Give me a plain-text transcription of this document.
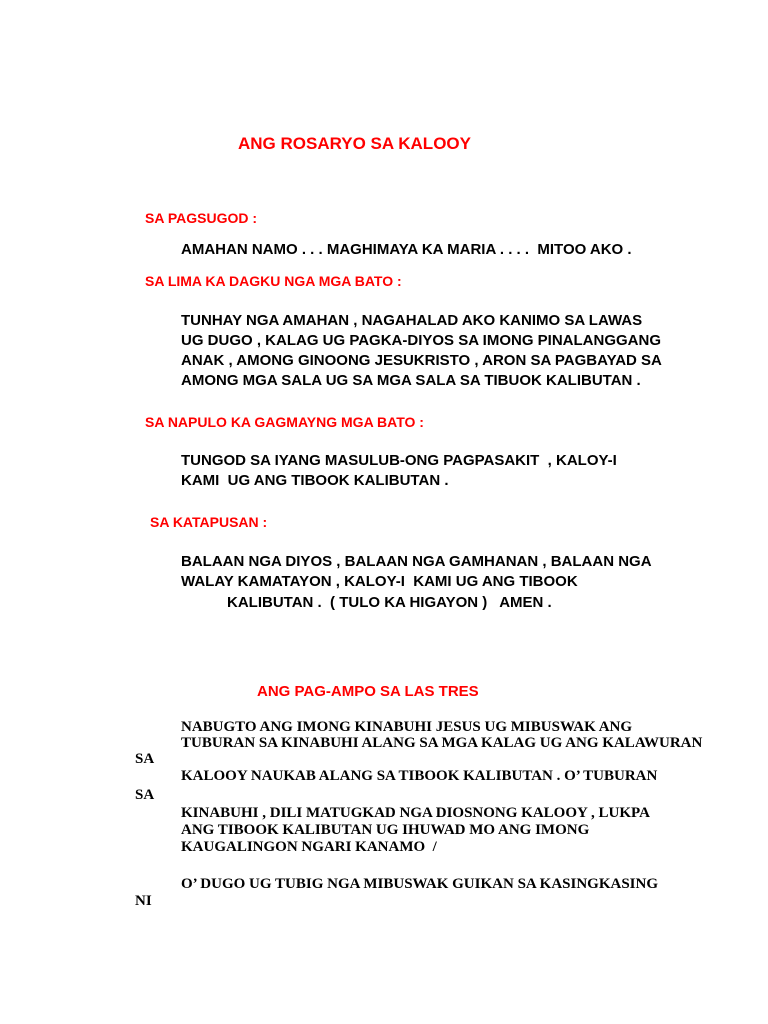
ANG ROSARYO SA KALOOY
SA PAGSUGOD :
AMAHAN NAMO . . . MAGHIMAYA KA MARIA . . . .  MITOO AKO .
SA LIMA KA DAGKU NGA MGA BATO :
TUNHAY NGA AMAHAN , NAGAHALAD AKO KANIMO SA LAWAS
UG DUGO , KALAG UG PAGKA-DIYOS SA IMONG PINALANGGANG
ANAK , AMONG GINOONG JESUKRISTO , ARON SA PAGBAYAD SA
AMONG MGA SALA UG SA MGA SALA SA TIBUOK KALIBUTAN .
SA NAPULO KA GAGMAYNG MGA BATO :
TUNGOD SA IYANG MASULUB-ONG PAGPASAKIT  , KALOY-I
KAMI  UG ANG TIBOOK KALIBUTAN .
SA KATAPUSAN :
BALAAN NGA DIYOS , BALAAN NGA GAMHANAN , BALAAN NGA
WALAY KAMATAYON , KALOY-I  KAMI UG ANG TIBOOK
KALIBUTAN .  ( TULO KA HIGAYON )   AMEN .
ANG PAG-AMPO SA LAS TRES
NABUGTO ANG IMONG KINABUHI JESUS UG MIBUSWAK ANG
TUBURAN SA KINABUHI ALANG SA MGA KALAG UG ANG KALAWURAN
SA
KALOOY NAUKAB ALANG SA TIBOOK KALIBUTAN . O’ TUBURAN
SA
KINABUHI , DILI MATUGKAD NGA DIOSNONG KALOOY , LUKPA
ANG TIBOOK KALIBUTAN UG IHUWAD MO ANG IMONG
KAUGALINGON NGARI KANAMO  /
O’ DUGO UG TUBIG NGA MIBUSWAK GUIKAN SA KASINGKASING
NI
